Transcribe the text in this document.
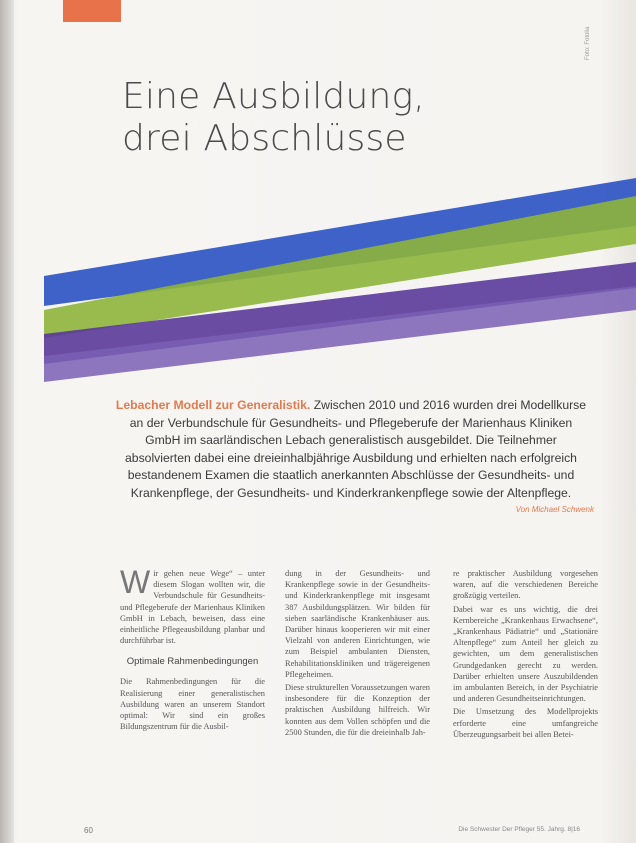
Foto: Fotolia
Eine Ausbildung,
drei Abschlüsse
Lebacher Modell zur Generalistik. Zwischen 2010 und 2016 wurden drei Modellkurse an der Verbundschule für Gesundheits- und Pflegeberufe der Marienhaus Kliniken GmbH im saarländischen Lebach generalistisch ausgebildet. Die Teilnehmer absolvierten dabei eine dreieinhalbjährige Ausbildung und erhielten nach erfolgreich bestandenem Examen die staatlich anerkannten Abschlüsse der Gesundheits- und Krankenpflege, der Gesundheits- und Kinderkrankenpflege sowie der Altenpflege.
Von Michael Schwenk

Wir gehen neue Wege“ – unter diesem Slogan wollten wir, die Verbundschule für Gesundheits- und Pflegeberufe der Marienhaus Kliniken GmbH in Lebach, beweisen, dass eine einheitliche Pflegeausbildung planbar und durchführbar ist.

Optimale Rahmenbedingungen

Die Rahmenbedingungen für die Realisierung einer generalistischen Ausbildung waren an unserem Standort optimal: Wir sind ein großes Bildungszentrum für die Ausbil-

dung in der Gesundheits- und Krankenpflege sowie in der Gesundheits- und Kinderkrankenpflege mit insgesamt 387 Ausbildungsplätzen. Wir bilden für sieben saarländische Krankenhäuser aus. Darüber hinaus kooperieren wir mit einer Vielzahl von anderen Einrichtungen, wie zum Beispiel ambulanten Diensten, Rehabilitationskliniken und trägereigenen Pflegeheimen.

Diese strukturellen Voraussetzungen waren insbesondere für die Konzeption der praktischen Ausbildung hilfreich. Wir konnten aus dem Vollen schöpfen und die 2500 Stunden, die für die dreieinhalb Jah-

re praktischer Ausbildung vorgesehen waren, auf die verschiedenen Bereiche großzügig verteilen.

Dabei war es uns wichtig, die drei Kernbereiche „Krankenhaus Erwachsene“, „Krankenhaus Pädiatrie“ und „Stationäre Altenpflege“ zum Anteil her gleich zu gewichten, um dem generalistischen Grundgedanken gerecht zu werden. Darüber erhielten unsere Auszubildenden im ambulanten Bereich, in der Psychiatrie und anderen Gesundheitseinrichtungen.

Die Umsetzung des Modellprojekts erforderte eine umfangreiche Überzeugungsarbeit bei allen Betei-

60	Die Schwester Der Pfleger 55. Jahrg. 8|16
